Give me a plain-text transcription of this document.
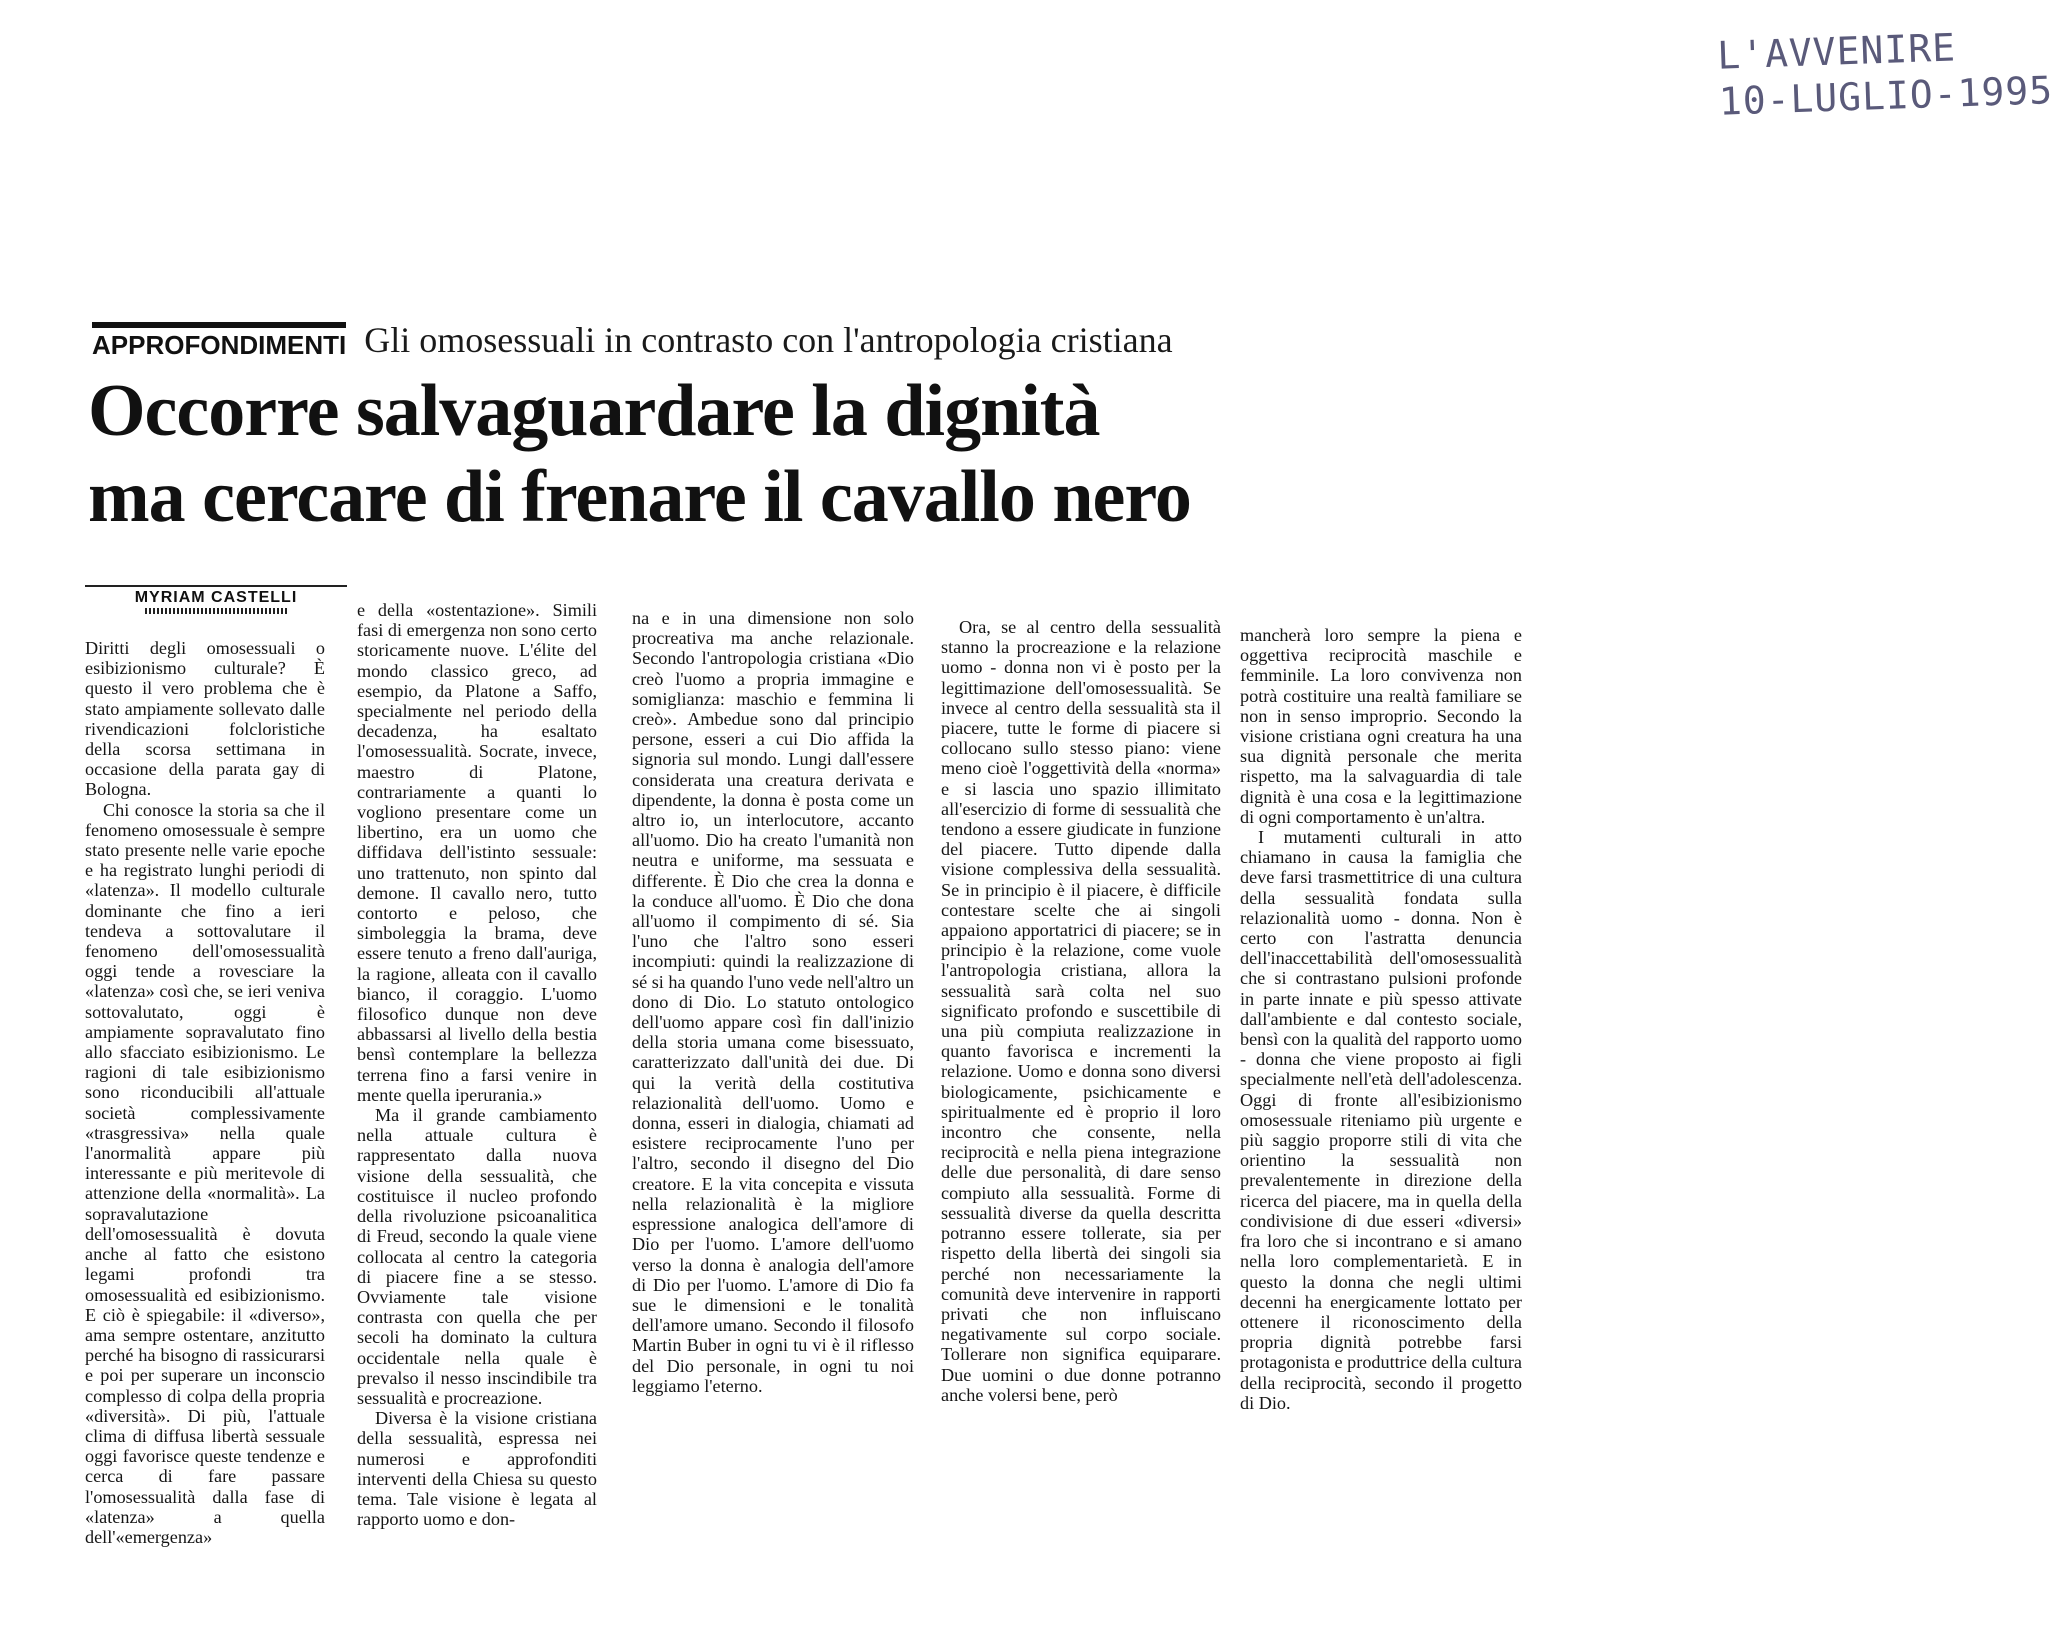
L'AVVENIRE
10-LUGLIO-1995
APPROFONDIMENTI Gli omosessuali in contrasto con l'antropologia cristiana
Occorre salvaguardare la dignità
ma cercare di frenare il cavallo nero
MYRIAM CASTELLI

Diritti degli omosessuali o esibizionismo culturale? È questo il vero problema che è stato ampiamente sollevato dalle rivendicazioni folcloristiche della scorsa settimana in occasione della parata gay di Bologna.

Chi conosce la storia sa che il fenomeno omosessuale è sempre stato presente nelle varie epoche e ha registrato lunghi periodi di «latenza». Il modello culturale dominante che fino a ieri tendeva a sottovalutare il fenomeno dell'omosessualità oggi tende a rovesciare la «latenza» così che, se ieri veniva sottovalutato, oggi è ampiamente sopravalutato fino allo sfacciato esibizionismo. Le ragioni di tale esibizionismo sono riconducibili all'attuale società complessivamente «trasgressiva» nella quale l'anormalità appare più interessante e più meritevole di attenzione della «normalità». La sopravalutazione dell'omosessualità è dovuta anche al fatto che esistono legami profondi tra omosessualità ed esibizionismo. E ciò è spiegabile: il «diverso», ama sempre ostentare, anzitutto perché ha bisogno di rassicurarsi e poi per superare un inconscio complesso di colpa della propria «diversità». Di più, l'attuale clima di diffusa libertà sessuale oggi favorisce queste tendenze e cerca di fare passare l'omosessualità dalla fase di «latenza» a quella dell'«emergenza»

e della «ostentazione». Simili fasi di emergenza non sono certo storicamente nuove. L'élite del mondo classico greco, ad esempio, da Platone a Saffo, specialmente nel periodo della decadenza, ha esaltato l'omosessualità. Socrate, invece, maestro di Platone, contrariamente a quanti lo vogliono presentare come un libertino, era un uomo che diffidava dell'istinto sessuale: uno trattenuto, non spinto dal demone. Il cavallo nero, tutto contorto e peloso, che simboleggia la brama, deve essere tenuto a freno dall'auriga, la ragione, alleata con il cavallo bianco, il coraggio. L'uomo filosofico dunque non deve abbassarsi al livello della bestia bensì contemplare la bellezza terrena fino a farsi venire in mente quella iperurania.»

Ma il grande cambiamento nella attuale cultura è rappresentato dalla nuova visione della sessualità, che costituisce il nucleo profondo della rivoluzione psicoanalitica di Freud, secondo la quale viene collocata al centro la categoria di piacere fine a se stesso. Ovviamente tale visione contrasta con quella che per secoli ha dominato la cultura occidentale nella quale è prevalso il nesso inscindibile tra sessualità e procreazione.

Diversa è la visione cristiana della sessualità, espressa nei numerosi e approfonditi interventi della Chiesa su questo tema. Tale visione è legata al rapporto uomo e don-

na e in una dimensione non solo procreativa ma anche relazionale. Secondo l'antropologia cristiana «Dio creò l'uomo a propria immagine e somiglianza: maschio e femmina li creò». Ambedue sono dal principio persone, esseri a cui Dio affida la signoria sul mondo. Lungi dall'essere considerata una creatura derivata e dipendente, la donna è posta come un altro io, un interlocutore, accanto all'uomo. Dio ha creato l'umanità non neutra e uniforme, ma sessuata e differente. È Dio che crea la donna e la conduce all'uomo. È Dio che dona all'uomo il compimento di sé. Sia l'uno che l'altro sono esseri incompiuti: quindi la realizzazione di sé si ha quando l'uno vede nell'altro un dono di Dio. Lo statuto ontologico dell'uomo appare così fin dall'inizio della storia umana come bisessuato, caratterizzato dall'unità dei due. Di qui la verità della costitutiva relazionalità dell'uomo. Uomo e donna, esseri in dialogia, chiamati ad esistere reciprocamente l'uno per l'altro, secondo il disegno del Dio creatore. E la vita concepita e vissuta nella relazionalità è la migliore espressione analogica dell'amore di Dio per l'uomo. L'amore dell'uomo verso la donna è analogia dell'amore di Dio per l'uomo. L'amore di Dio fa sue le dimensioni e le tonalità dell'amore umano. Secondo il filosofo Martin Buber in ogni tu vi è il riflesso del Dio personale, in ogni tu noi leggiamo l'eterno.

Ora, se al centro della sessualità stanno la procreazione e la relazione uomo - donna non vi è posto per la legittimazione dell'omosessualità. Se invece al centro della sessualità sta il piacere, tutte le forme di piacere si collocano sullo stesso piano: viene meno cioè l'oggettività della «norma» e si lascia uno spazio illimitato all'esercizio di forme di sessualità che tendono a essere giudicate in funzione del piacere. Tutto dipende dalla visione complessiva della sessualità. Se in principio è il piacere, è difficile contestare scelte che ai singoli appaiono apportatrici di piacere; se in principio è la relazione, come vuole l'antropologia cristiana, allora la sessualità sarà colta nel suo significato profondo e suscettibile di una più compiuta realizzazione in quanto favorisca e incrementi la relazione. Uomo e donna sono diversi biologicamente, psichicamente e spiritualmente ed è proprio il loro incontro che consente, nella reciprocità e nella piena integrazione delle due personalità, di dare senso compiuto alla sessualità. Forme di sessualità diverse da quella descritta potranno essere tollerate, sia per rispetto della libertà dei singoli sia perché non necessariamente la comunità deve intervenire in rapporti privati che non influiscano negativamente sul corpo sociale. Tollerare non significa equiparare. Due uomini o due donne potranno anche volersi bene, però

mancherà loro sempre la piena e oggettiva reciprocità maschile e femminile. La loro convivenza non potrà costituire una realtà familiare se non in senso improprio. Secondo la visione cristiana ogni creatura ha una sua dignità personale che merita rispetto, ma la salvaguardia di tale dignità è una cosa e la legittimazione di ogni comportamento è un'altra.

I mutamenti culturali in atto chiamano in causa la famiglia che deve farsi trasmettitrice di una cultura della sessualità fondata sulla relazionalità uomo - donna. Non è certo con l'astratta denuncia dell'inaccettabilità dell'omosessualità che si contrastano pulsioni profonde in parte innate e più spesso attivate dall'ambiente e dal contesto sociale, bensì con la qualità del rapporto uomo - donna che viene proposto ai figli specialmente nell'età dell'adolescenza. Oggi di fronte all'esibizionismo omosessuale riteniamo più urgente e più saggio proporre stili di vita che orientino la sessualità non prevalentemente in direzione della ricerca del piacere, ma in quella della condivisione di due esseri «diversi» fra loro che si incontrano e si amano nella loro complementarietà. E in questo la donna che negli ultimi decenni ha energicamente lottato per ottenere il riconoscimento della propria dignità potrebbe farsi protagonista e produttrice della cultura della reciprocità, secondo il progetto di Dio.
